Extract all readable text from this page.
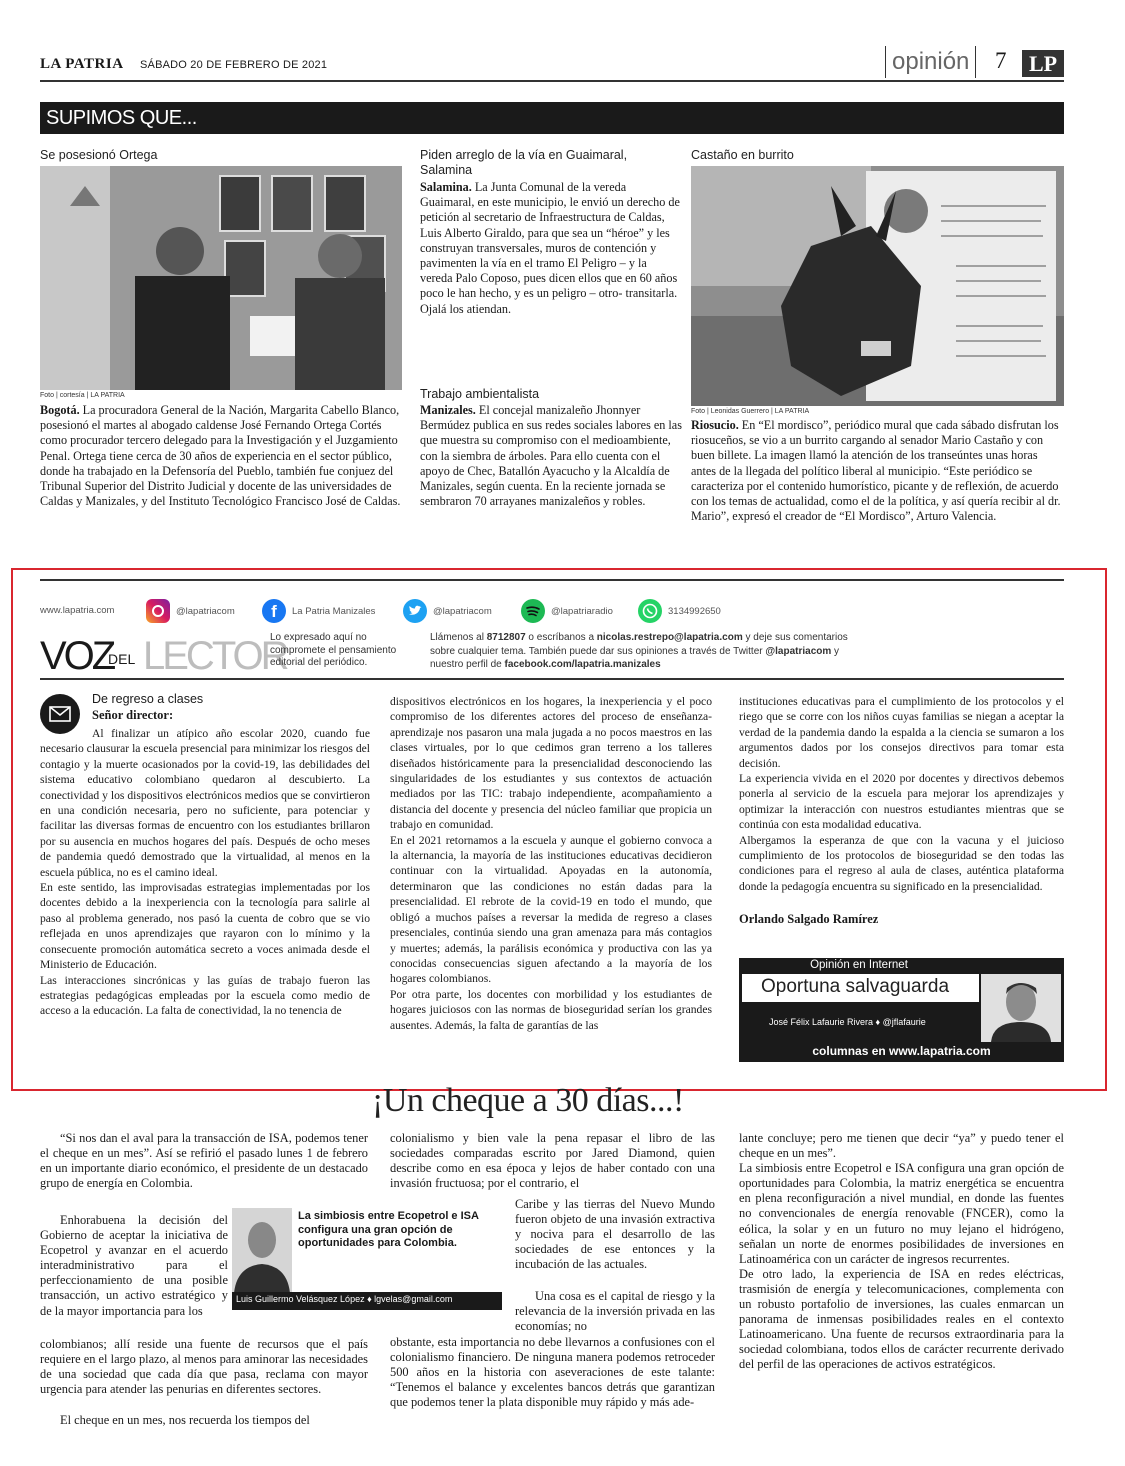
LA PATRIA SÁBADO 20 DE FEBRERO DE 2021	opinión	7	LP
SUPIMOS QUE...
Se posesionó Ortega
Foto | cortesía | LA PATRIA
Bogotá. La procuradora General de la Nación, Margarita Cabello Blanco, posesionó el martes al abogado caldense José Fernando Ortega Cortés como procurador tercero delegado para la Investigación y el Juzgamiento Penal. Ortega tiene cerca de 30 años de experiencia en el sector público, donde ha trabajado en la Defensoría del Pueblo, también fue conjuez del Tribunal Superior del Distrito Judicial y docente de las universidades de Caldas y Manizales, y del Instituto Tecnológico Francisco José de Caldas.
Piden arreglo de la vía en Guaimaral, Salamina
Salamina. La Junta Comunal de la vereda Guaimaral, en este municipio, le envió un derecho de petición al secretario de Infraestructura de Caldas, Luis Alberto Giraldo, para que sea un “héroe” y les construyan transversales, muros de contención y pavimenten la vía en el tramo El Peligro – y la vereda Palo Coposo, pues dicen ellos que en 60 años poco le han hecho, y es un peligro – otro- transitarla. Ojalá los atiendan.
Trabajo ambientalista
Manizales. El concejal manizaleño Jhonnyer Bermúdez publica en sus redes sociales labores en las que muestra su compromiso con el medioambiente, con la siembra de árboles. Para ello cuenta con el apoyo de Chec, Batallón Ayacucho y la Alcaldía de Manizales, según cuenta. En la reciente jornada se sembraron 70 arrayanes manizaleños y robles.
Castaño en burrito
Foto | Leonidas Guerrero | LA PATRIA
Riosucio. En “El mordisco”, periódico mural que cada sábado disfrutan los riosuceños, se vio a un burrito cargando al senador Mario Castaño y con buen billete. La imagen llamó la atención de los transeúntes unas horas antes de la llegada del político liberal al municipio. “Este periódico se caracteriza por el contenido humorístico, picante y de reflexión, de acuerdo con los temas de actualidad, como el de la política, y así quería recibir al dr. Mario”, expresó el creador de “El Mordisco”, Arturo Valencia.
www.lapatria.com	@lapatriacom	f	La Patria Manizales	@lapatriacom	@lapatriaradio	3134992650
VOZ
DEL LECTOR
Lo expresado aquí no compromete el pensamiento editorial del periódico.
Llámenos al 8712807 o escríbanos a nicolas.restrepo@lapatria.com y deje sus comentarios sobre cualquier tema. También puede dar sus opiniones a través de Twitter @lapatriacom y nuestro perfil de facebook.com/lapatria.manizales
De regreso a clases
Señor director:
Al finalizar un atípico año escolar 2020, cuando fue necesario clausurar la escuela presencial para minimizar los riesgos del contagio y la muerte ocasionados por la covid-19, las debilidades del sistema educativo colombiano quedaron al descubierto. La conectividad y los dispositivos electrónicos medios que se convirtieron en una condición necesaria, pero no suficiente, para potenciar y facilitar las diversas formas de encuentro con los estudiantes brillaron por su ausencia en muchos hogares del país. Después de ocho meses de pandemia quedó demostrado que la virtualidad, al menos en la escuela pública, no es el camino ideal.
En este sentido, las improvisadas estrategias implementadas por los docentes debido a la inexperiencia con la tecnología para salirle al paso al problema generado, nos pasó la cuenta de cobro que se vio reflejada en unos aprendizajes que rayaron con lo mínimo y la consecuente promoción automática secreto a voces animada desde el Ministerio de Educación.
Las interacciones sincrónicas y las guías de trabajo fueron las estrategias pedagógicas empleadas por la escuela como medio de acceso a la educación. La falta de conectividad, la no tenencia de
dispositivos electrónicos en los hogares, la inexperiencia y el poco compromiso de los diferentes actores del proceso de enseñanza-aprendizaje nos pasaron una mala jugada a no pocos maestros en las clases virtuales, por lo que cedimos gran terreno a los talleres diseñados históricamente para la presencialidad desconociendo las singularidades de los estudiantes y sus contextos de actuación mediados por las TIC: trabajo independiente, acompañamiento a distancia del docente y presencia del núcleo familiar que propicia un trabajo en comunidad.
En el 2021 retornamos a la escuela y aunque el gobierno convoca a la alternancia, la mayoría de las instituciones educativas decidieron continuar con la virtualidad. Apoyadas en la autonomía, determinaron que las condiciones no están dadas para la presencialidad. El rebrote de la covid-19 en todo el mundo, que obligó a muchos países a reversar la medida de regreso a clases presenciales, continúa siendo una gran amenaza para más contagios y muertes; además, la parálisis económica y productiva con las ya conocidas consecuencias siguen afectando a la mayoría de los hogares colombianos.
Por otra parte, los docentes con morbilidad y los estudiantes de hogares juiciosos con las normas de bioseguridad serían los grandes ausentes. Además, la falta de garantías de las
instituciones educativas para el cumplimiento de los protocolos y el riego que se corre con los niños cuyas familias se niegan a aceptar la verdad de la pandemia dando la espalda a la ciencia se sumaron a los argumentos dados por los consejos directivos para tomar esta decisión.
La experiencia vivida en el 2020 por docentes y directivos debemos ponerla al servicio de la escuela para mejorar los aprendizajes y optimizar la interacción con nuestros estudiantes mientras que se continúa con esta modalidad educativa.
Albergamos la esperanza de que con la vacuna y el juicioso cumplimiento de los protocolos de bioseguridad se den todas las condiciones para el regreso al aula de clases, auténtica plataforma donde la pedagogía encuentra su significado en la presencialidad.
Orlando Salgado Ramírez
Opinión en Internet
Oportuna salvaguarda
José Félix Lafaurie Rivera ♦ @jflafaurie
columnas en www.lapatria.com
¡Un cheque a 30 días...!
“Si nos dan el aval para la transacción de ISA, podemos tener el cheque en un mes”. Así se refirió el pasado lunes 1 de febrero en un importante diario económico, el presidente de un destacado grupo de energía en Colombia.
Enhorabuena la decisión del Gobierno de aceptar la iniciativa de Ecopetrol y avanzar en el acuerdo interadministrativo para el perfeccionamiento de una posible transacción, un activo estratégico y de la mayor importancia para los
colombianos; allí reside una fuente de recursos que el país requiere en el largo plazo, al menos para aminorar las necesidades de una sociedad que cada día que pasa, reclama con mayor urgencia para atender las penurias en diferentes sectores.
El cheque en un mes, nos recuerda los tiempos del
La simbiosis entre Ecopetrol e ISA configura una gran opción de oportunidades para Colombia.
Luis Guillermo Velásquez López ♦ lgvelas@gmail.com
colonialismo y bien vale la pena repasar el libro de las sociedades comparadas escrito por Jared Diamond, quien describe como en esa época y lejos de haber contado con una invasión fructuosa; por el contrario, el
Caribe y las tierras del Nuevo Mundo fueron objeto de una invasión extractiva y nociva para el desarrollo de las sociedades de ese entonces y la incubación de las actuales.
Una cosa es el capital de riesgo y la relevancia de la inversión privada en las economías; no
obstante, esta importancia no debe llevarnos a confusiones con el colonialismo financiero. De ninguna manera podemos retroceder 500 años en la historia con aseveraciones de este talante: “Tenemos el balance y excelentes bancos detrás que garantizan que podemos tener la plata disponible muy rápido y más ade-
lante concluye; pero me tienen que decir “ya” y puedo tener el cheque en un mes”.
La simbiosis entre Ecopetrol e ISA configura una gran opción de oportunidades para Colombia, la matriz energética se encuentra en plena reconfiguración a nivel mundial, en donde las fuentes no convencionales de energía renovable (FNCER), como la eólica, la solar y en un futuro no muy lejano el hidrógeno, señalan un norte de enormes posibilidades de inversiones en Latinoamérica con un carácter de ingresos recurrentes.
De otro lado, la experiencia de ISA en redes eléctricas, trasmisión de energía y telecomunicaciones, complementa con un robusto portafolio de inversiones, las cuales enmarcan un panorama de inmensas posibilidades reales en el contexto Latinoamericano. Una fuente de recursos extraordinaria para la sociedad colombiana, todos ellos de carácter recurrente derivado del perfil de las operaciones de activos estratégicos.
